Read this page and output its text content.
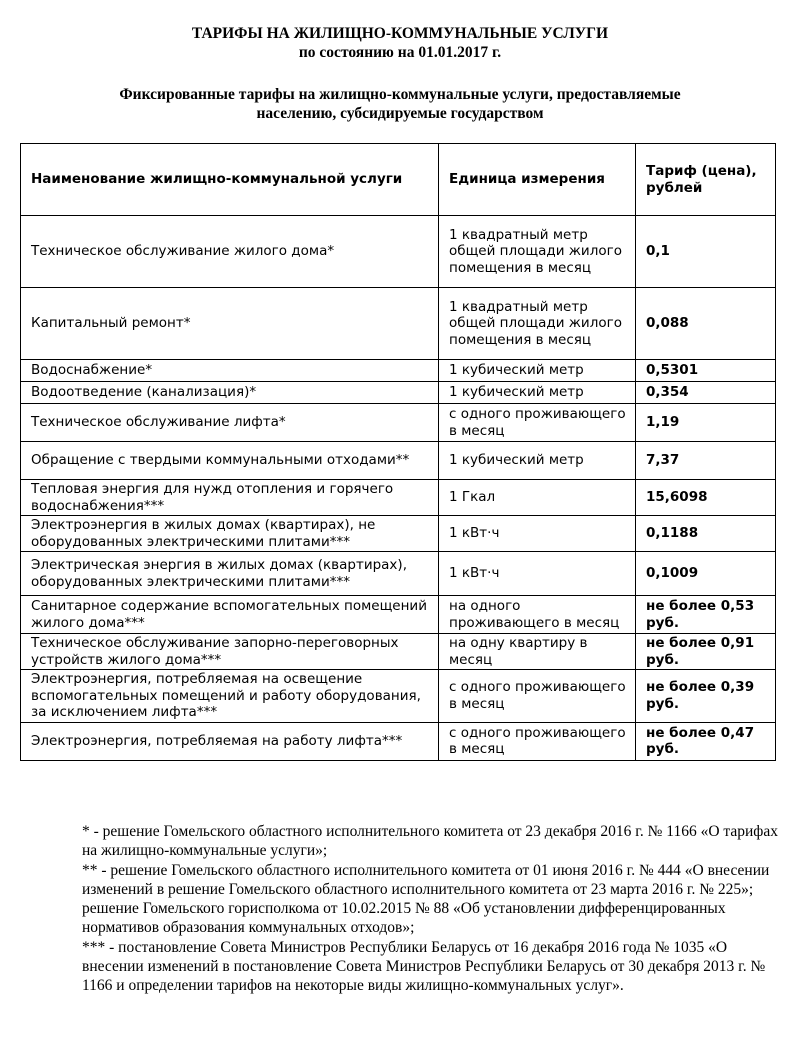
ТАРИФЫ НА ЖИЛИЩНО-КОММУНАЛЬНЫЕ УСЛУГИ
по состоянию на 01.01.2017 г.
Фиксированные тарифы на жилищно-коммунальные услуги, предоставляемые
населению, субсидируемые государством
Наименование жилищно-коммунальной услуги	Единица измерения	Тариф (цена), рублей
Техническое обслуживание жилого дома*	1 квадратный метр общей площади жилого помещения в месяц	0,1
Капитальный ремонт*	1 квадратный метр общей площади жилого помещения в месяц	0,088
Водоснабжение*	1 кубический метр	0,5301
Водоотведение (канализация)*	1 кубический метр	0,354
Техническое обслуживание лифта*	с одного проживающего в месяц	1,19
Обращение с твердыми коммунальными отходами**	1 кубический метр	7,37
Тепловая энергия для нужд отопления и горячего водоснабжения***	1 Гкал	15,6098
Электроэнергия в жилых домах (квартирах), не оборудованных электрическими плитами***	1 кВт·ч	0,1188
Электрическая энергия в жилых домах (квартирах), оборудованных электрическими плитами***	1 кВт·ч	0,1009
Санитарное содержание вспомогательных помещений жилого дома***	на одного проживающего в месяц	не более 0,53 руб.
Техническое обслуживание запорно-переговорных устройств жилого дома***	на одну квартиру в месяц	не более 0,91 руб.
Электроэнергия, потребляемая на освещение вспомогательных помещений и работу оборудования, за исключением лифта***	с одного проживающего в месяц	не более 0,39 руб.
Электроэнергия, потребляемая на работу лифта***	с одного проживающего в месяц	не более 0,47 руб.

* - решение Гомельского областного исполнительного комитета от 23 декабря 2016 г. № 1166 «О тарифах на жилищно-коммунальные услуги»;

** - решение Гомельского областного исполнительного комитета от 01 июня 2016 г. № 444 «О внесении изменений в решение Гомельского областного исполнительного комитета от 23 марта 2016 г. № 225»; решение Гомельского горисполкома от 10.02.2015 № 88 «Об установлении дифференцированных нормативов образования коммунальных отходов»;

*** - постановление Совета Министров Республики Беларусь от 16 декабря 2016 года № 1035 «О внесении изменений в постановление Совета Министров Республики Беларусь от 30 декабря 2013 г. № 1166 и определении тарифов на некоторые виды жилищно-коммунальных услуг».
